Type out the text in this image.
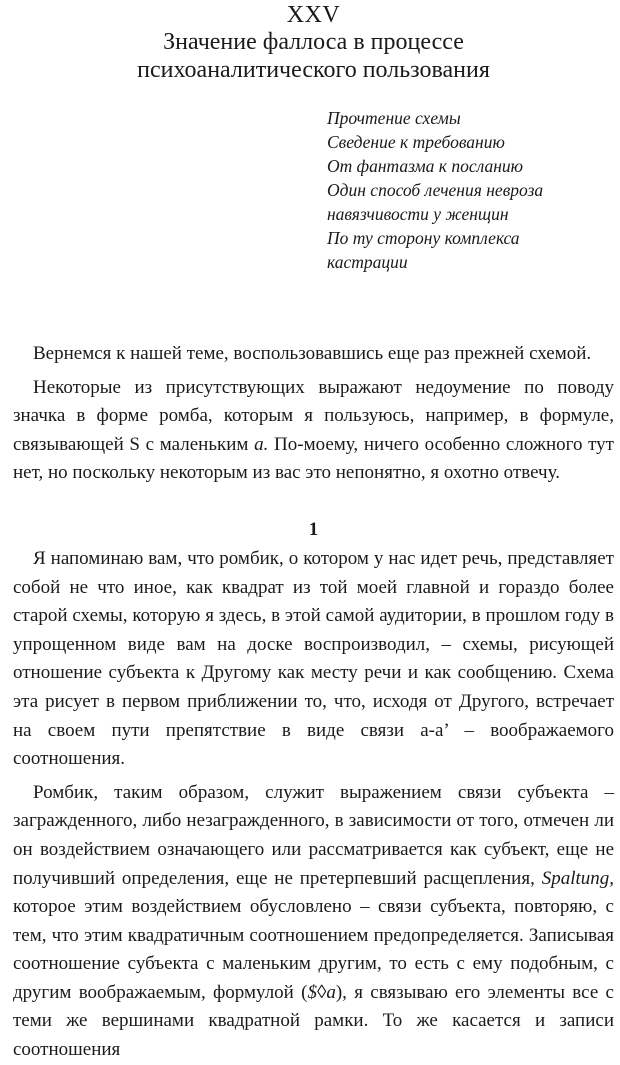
XXV
Значение фаллоса в процессе
психоаналитического пользования
Прочтение схемы
Сведение к требованию
От фантазма к посланию
Один способ лечения невроза
навязчивости у женщин
По ту сторону комплекса
кастрации

Вернемся к нашей теме, воспользовавшись еще раз прежней схемой.

Некоторые из присутствующих выражают недоумение по поводу значка в форме ромба, которым я пользуюсь, например, в формуле, связывающей S с маленьким а. По-моему, ничего особенно сложного тут нет, но поскольку некоторым из вас это непонятно, я охотно отвечу.

1

Я напоминаю вам, что ромбик, о котором у нас идет речь, представляет собой не что иное, как квадрат из той моей главной и гораздо более старой схемы, которую я здесь, в этой самой аудитории, в прошлом году в упрощенном виде вам на доске воспроизводил, – схемы, рисующей отношение субъекта к Другому как месту речи и как сообщению. Схема эта рисует в первом приближении то, что, исходя от Другого, встречает на своем пути препятствие в виде связи а-а’ – воображаемого соотношения.

Ромбик, таким образом, служит выражением связи субъекта – загражденного, либо незагражденного, в зависимости от того, отмечен ли он воздействием означающего или рассматривается как субъект, еще не получивший определения, еще не претерпевший расщепления, Spaltung, которое этим воздействием обусловлено – связи субъекта, повторяю, с тем, что этим квадратичным соотношением предопределяется. Записывая соотношение субъекта с маленьким другим, то есть с ему подобным, с другим воображаемым, формулой ($◊a), я связываю его элементы все с теми же вершинами квадратной рамки. То же касается и записи соотношения
